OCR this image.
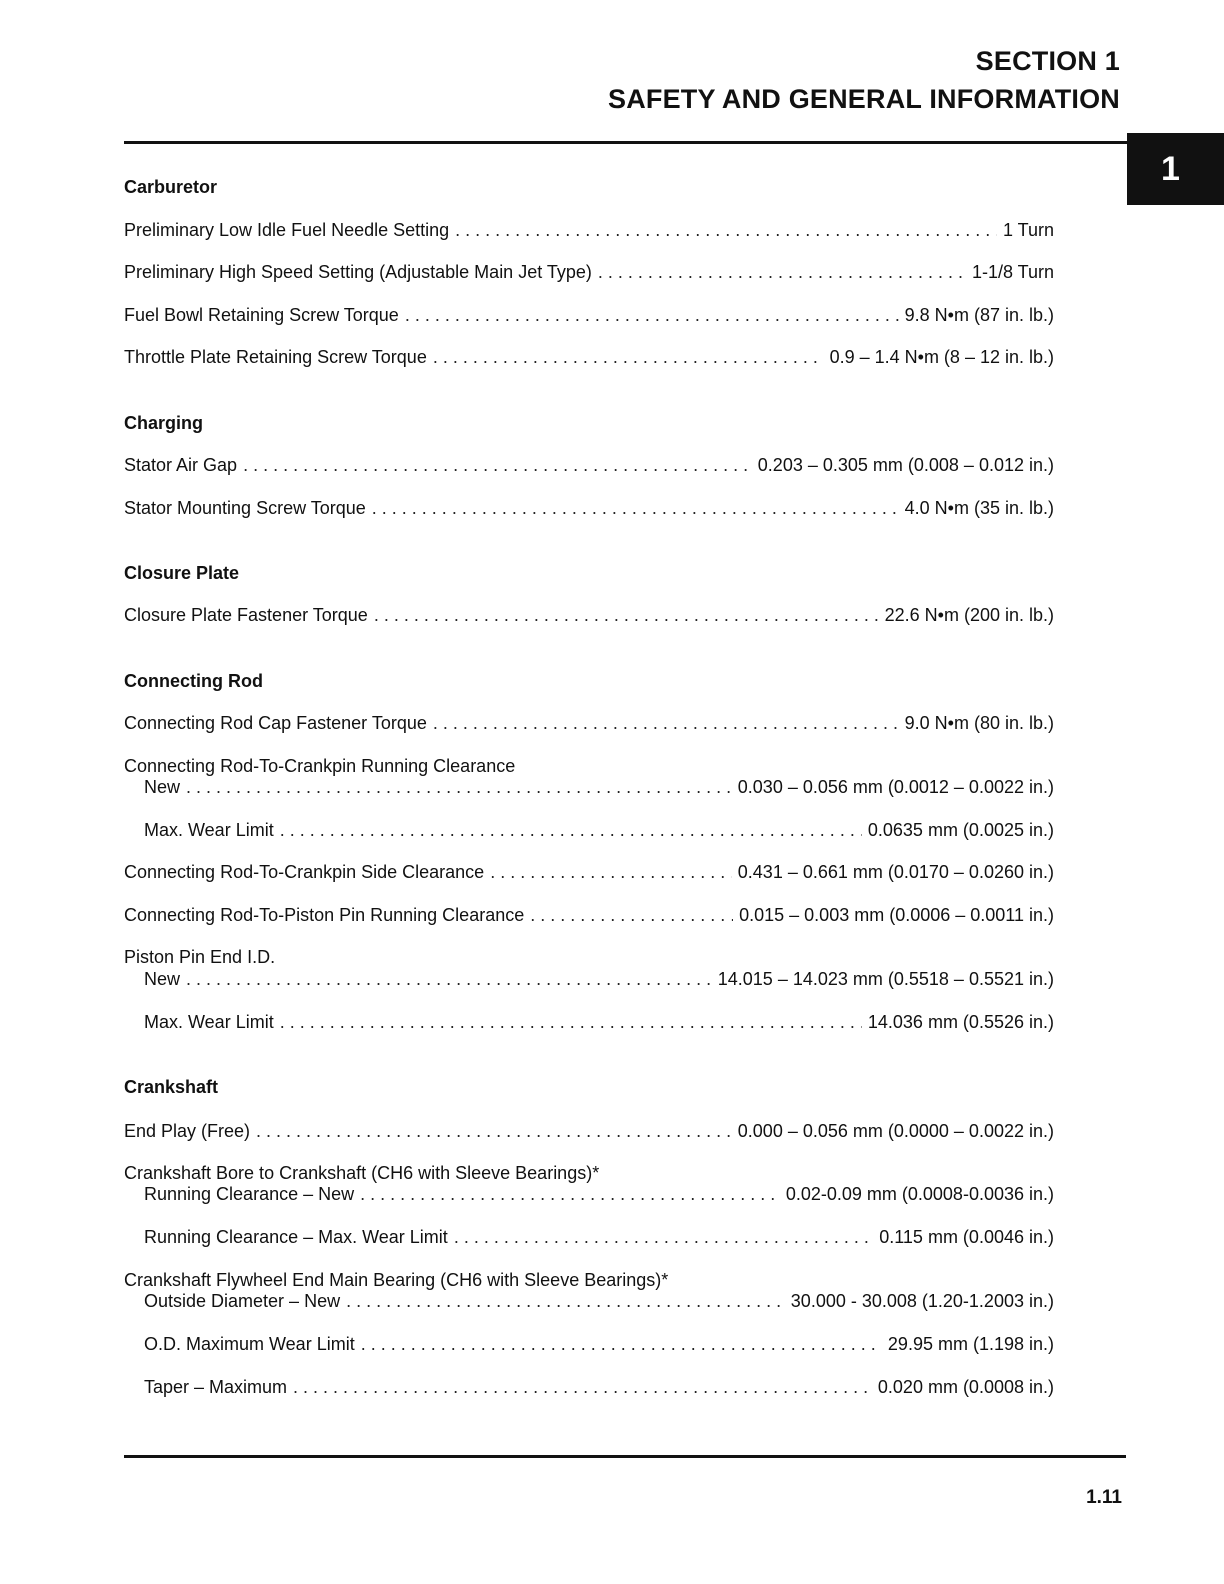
SECTION 1
SAFETY AND GENERAL INFORMATION
1
Carburetor
Preliminary Low Idle Fuel Needle Setting . . .	1 Turn
Preliminary High Speed Setting (Adjustable Main Jet Type) . . .	1-1/8 Turn
Fuel Bowl Retaining Screw Torque . . .	9.8 N•m (87 in. lb.)
Throttle Plate Retaining Screw Torque . . .	0.9 – 1.4 N•m (8 – 12 in. lb.)
Charging
Stator Air Gap . . .	0.203 – 0.305 mm (0.008 – 0.012 in.)
Stator Mounting Screw Torque . . .	4.0 N•m (35 in. lb.)
Closure Plate
Closure Plate Fastener Torque . . .	22.6 N•m (200 in. lb.)
Connecting Rod
Connecting Rod Cap Fastener Torque . . .	9.0 N•m (80 in. lb.)
Connecting Rod-To-Crankpin Running Clearance
New . . .	0.030 – 0.056 mm (0.0012 – 0.0022 in.)
Max. Wear Limit . . .	0.0635 mm (0.0025 in.)
Connecting Rod-To-Crankpin Side Clearance . . .	0.431 – 0.661 mm (0.0170 – 0.0260 in.)
Connecting Rod-To-Piston Pin Running Clearance . . .	0.015 – 0.003 mm (0.0006 – 0.0011 in.)
Piston Pin End I.D.
New . . .	14.015 – 14.023 mm (0.5518 – 0.5521 in.)
Max. Wear Limit . . .	14.036 mm (0.5526 in.)
Crankshaft
End Play (Free) . . .	0.000 – 0.056 mm (0.0000 – 0.0022 in.)
Crankshaft Bore to Crankshaft (CH6 with Sleeve Bearings)*
Running Clearance – New . . .	0.02-0.09 mm (0.0008-0.0036 in.)
Running Clearance – Max. Wear Limit . . .	0.115 mm (0.0046 in.)
Crankshaft Flywheel End Main Bearing (CH6 with Sleeve Bearings)*
Outside Diameter – New . . .	30.000 - 30.008 (1.20-1.2003 in.)
O.D. Maximum Wear Limit . . .	29.95 mm (1.198 in.)
Taper – Maximum . . .	0.020 mm (0.0008 in.)
1.11
